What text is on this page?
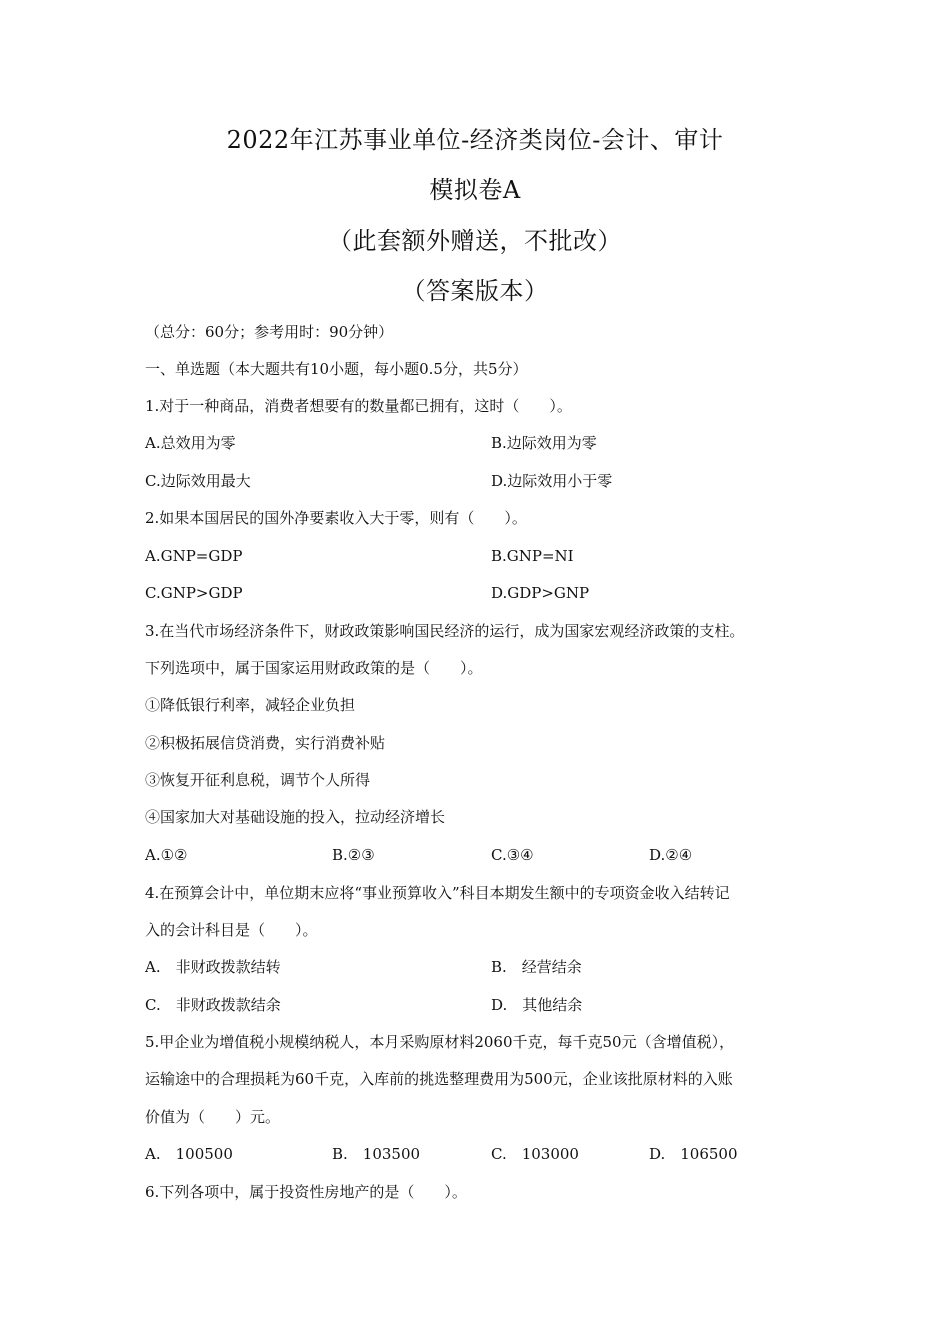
2022年江苏事业单位-经济类岗位-会计、审计
模拟卷A
（此套额外赠送，不批改）
（答案版本）
（总分：60分；参考用时：90分钟）
一、单选题（本大题共有10小题，每小题0.5分，共5分）
1.对于一种商品，消费者想要有的数量都已拥有，这时（　　）。
A.总效用为零	B.边际效用为零
C.边际效用最大	D.边际效用小于零
2.如果本国居民的国外净要素收入大于零，则有（　　）。
A.GNP=GDP	B.GNP=NI
C.GNP>GDP	D.GDP>GNP
3.在当代市场经济条件下，财政政策影响国民经济的运行，成为国家宏观经济政策的支柱。
下列选项中，属于国家运用财政政策的是（　　）。
①降低银行利率，减轻企业负担
②积极拓展信贷消费，实行消费补贴
③恢复开征利息税，调节个人所得
④国家加大对基础设施的投入，拉动经济增长
A.①②	B.②③	C.③④	D.②④
4.在预算会计中，单位期末应将“事业预算收入”科目本期发生额中的专项资金收入结转记
入的会计科目是（　　）。
A.　非财政拨款结转	B.　经营结余
C.　非财政拨款结余	D.　其他结余
5.甲企业为增值税小规模纳税人，本月采购原材料2060千克，每千克50元（含增值税），
运输途中的合理损耗为60千克，入库前的挑选整理费用为500元，企业该批原材料的入账
价值为（　　）元。
A.　100500	B.　103500	C.　103000	D.　106500
6.下列各项中，属于投资性房地产的是（　　）。
